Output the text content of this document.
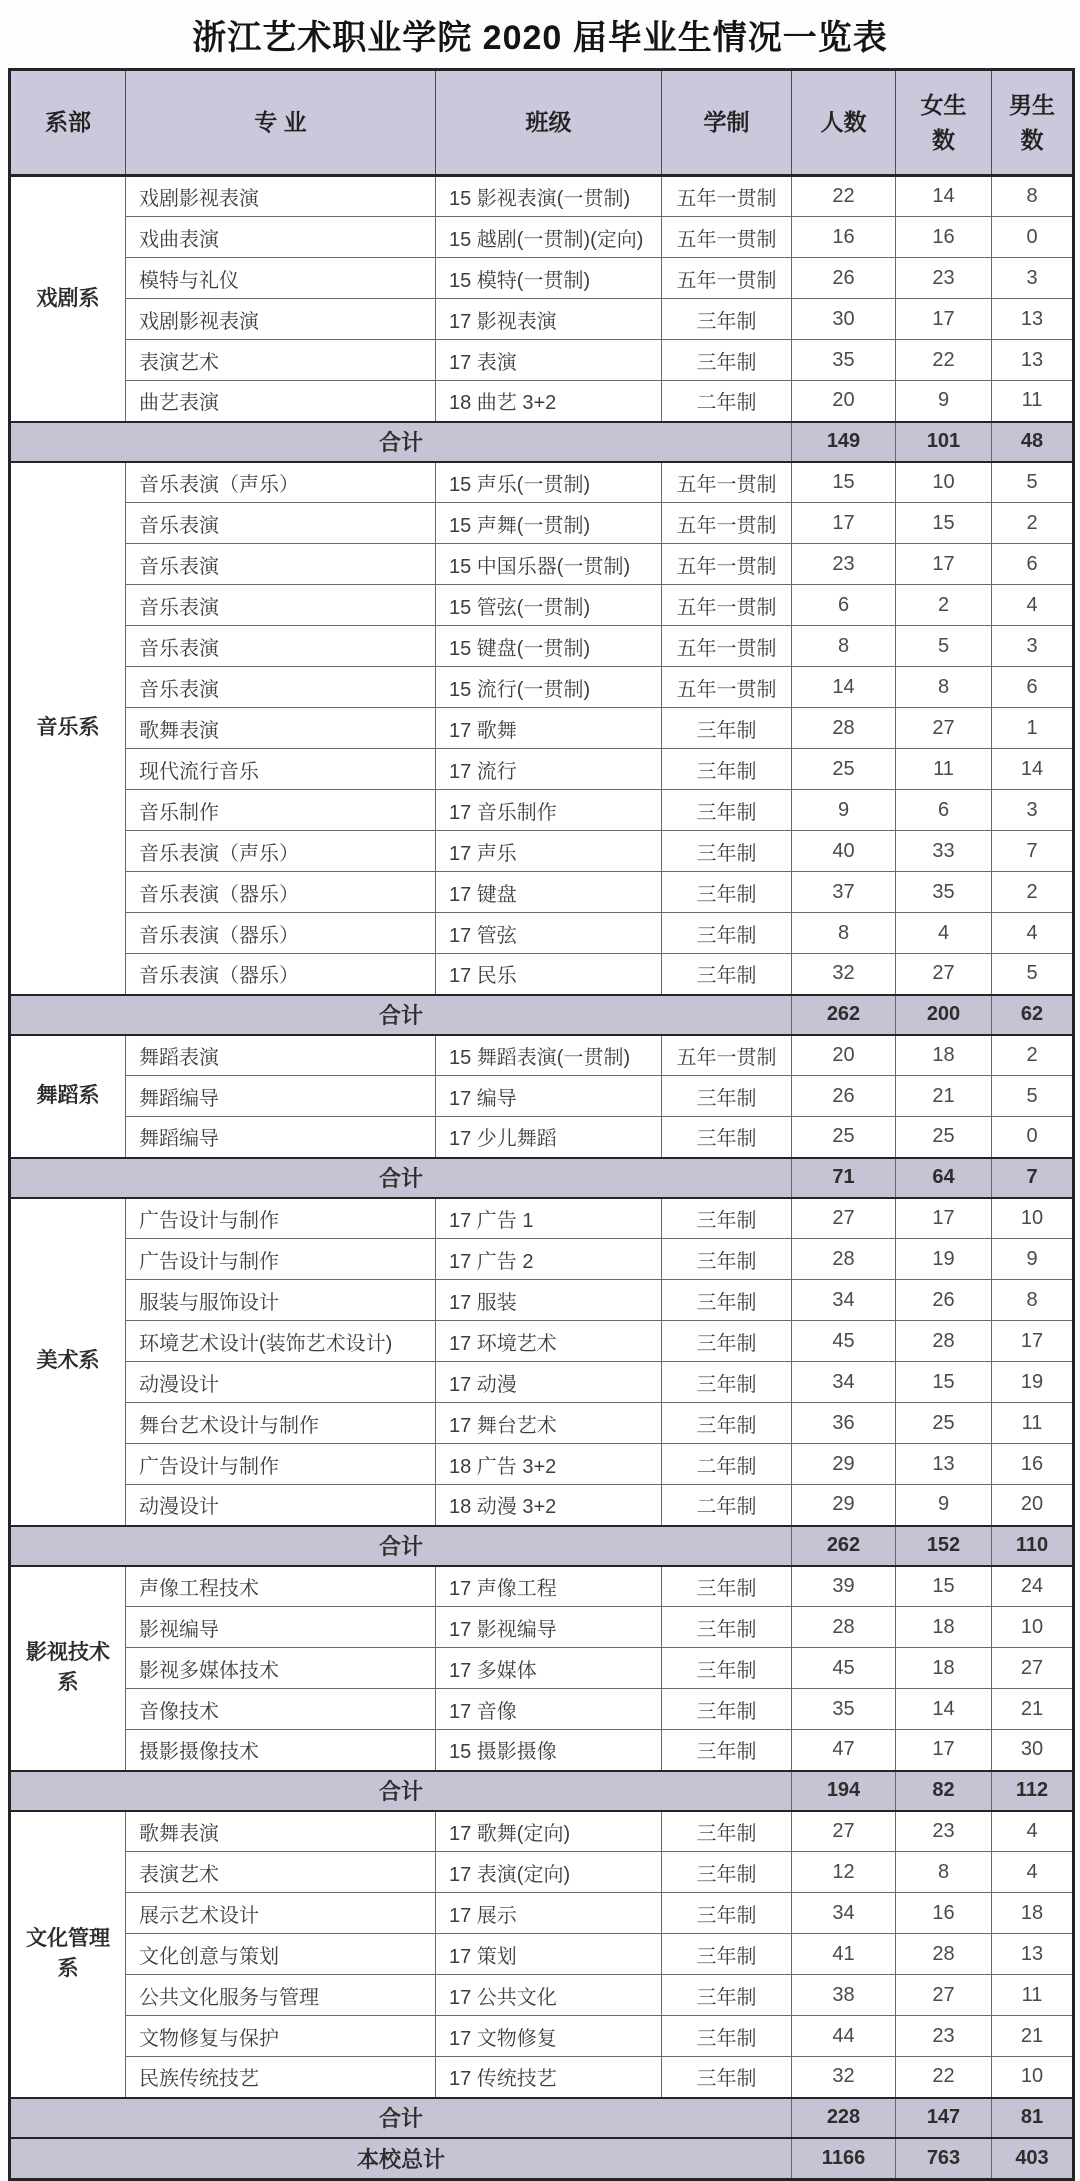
浙江艺术职业学院 2020 届毕业生情况一览表
系部	专 业	班级	学制	人数	女生数	男生数
戏剧系	戏剧影视表演	15 影视表演(一贯制)	五年一贯制	22	14	8
	戏曲表演	15 越剧(一贯制)(定向)	五年一贯制	16	16	0
	模特与礼仪	15 模特(一贯制)	五年一贯制	26	23	3
	戏剧影视表演	17 影视表演	三年制	30	17	13
	表演艺术	17 表演	三年制	35	22	13
	曲艺表演	18 曲艺 3+2	二年制	20	9	11
合计				149	101	48
音乐系	音乐表演（声乐）	15 声乐(一贯制)	五年一贯制	15	10	5
	音乐表演	15 声舞(一贯制)	五年一贯制	17	15	2
	音乐表演	15 中国乐器(一贯制)	五年一贯制	23	17	6
	音乐表演	15 管弦(一贯制)	五年一贯制	6	2	4
	音乐表演	15 键盘(一贯制)	五年一贯制	8	5	3
	音乐表演	15 流行(一贯制)	五年一贯制	14	8	6
	歌舞表演	17 歌舞	三年制	28	27	1
	现代流行音乐	17 流行	三年制	25	11	14
	音乐制作	17 音乐制作	三年制	9	6	3
	音乐表演（声乐）	17 声乐	三年制	40	33	7
	音乐表演（器乐）	17 键盘	三年制	37	35	2
	音乐表演（器乐）	17 管弦	三年制	8	4	4
	音乐表演（器乐）	17 民乐	三年制	32	27	5
合计				262	200	62
舞蹈系	舞蹈表演	15 舞蹈表演(一贯制)	五年一贯制	20	18	2
	舞蹈编导	17 编导	三年制	26	21	5
	舞蹈编导	17 少儿舞蹈	三年制	25	25	0
合计				71	64	7
美术系	广告设计与制作	17 广告 1	三年制	27	17	10
	广告设计与制作	17 广告 2	三年制	28	19	9
	服装与服饰设计	17 服装	三年制	34	26	8
	环境艺术设计(装饰艺术设计)	17 环境艺术	三年制	45	28	17
	动漫设计	17 动漫	三年制	34	15	19
	舞台艺术设计与制作	17 舞台艺术	三年制	36	25	11
	广告设计与制作	18 广告 3+2	二年制	29	13	16
	动漫设计	18 动漫 3+2	二年制	29	9	20
合计				262	152	110
影视技术系	声像工程技术	17 声像工程	三年制	39	15	24
	影视编导	17 影视编导	三年制	28	18	10
	影视多媒体技术	17 多媒体	三年制	45	18	27
	音像技术	17 音像	三年制	35	14	21
	摄影摄像技术	15 摄影摄像	三年制	47	17	30
合计				194	82	112
文化管理系	歌舞表演	17 歌舞(定向)	三年制	27	23	4
	表演艺术	17 表演(定向)	三年制	12	8	4
	展示艺术设计	17 展示	三年制	34	16	18
	文化创意与策划	17 策划	三年制	41	28	13
	公共文化服务与管理	17 公共文化	三年制	38	27	11
	文物修复与保护	17 文物修复	三年制	44	23	21
	民族传统技艺	17 传统技艺	三年制	32	22	10
合计				228	147	81
本校总计				1166	763	403
